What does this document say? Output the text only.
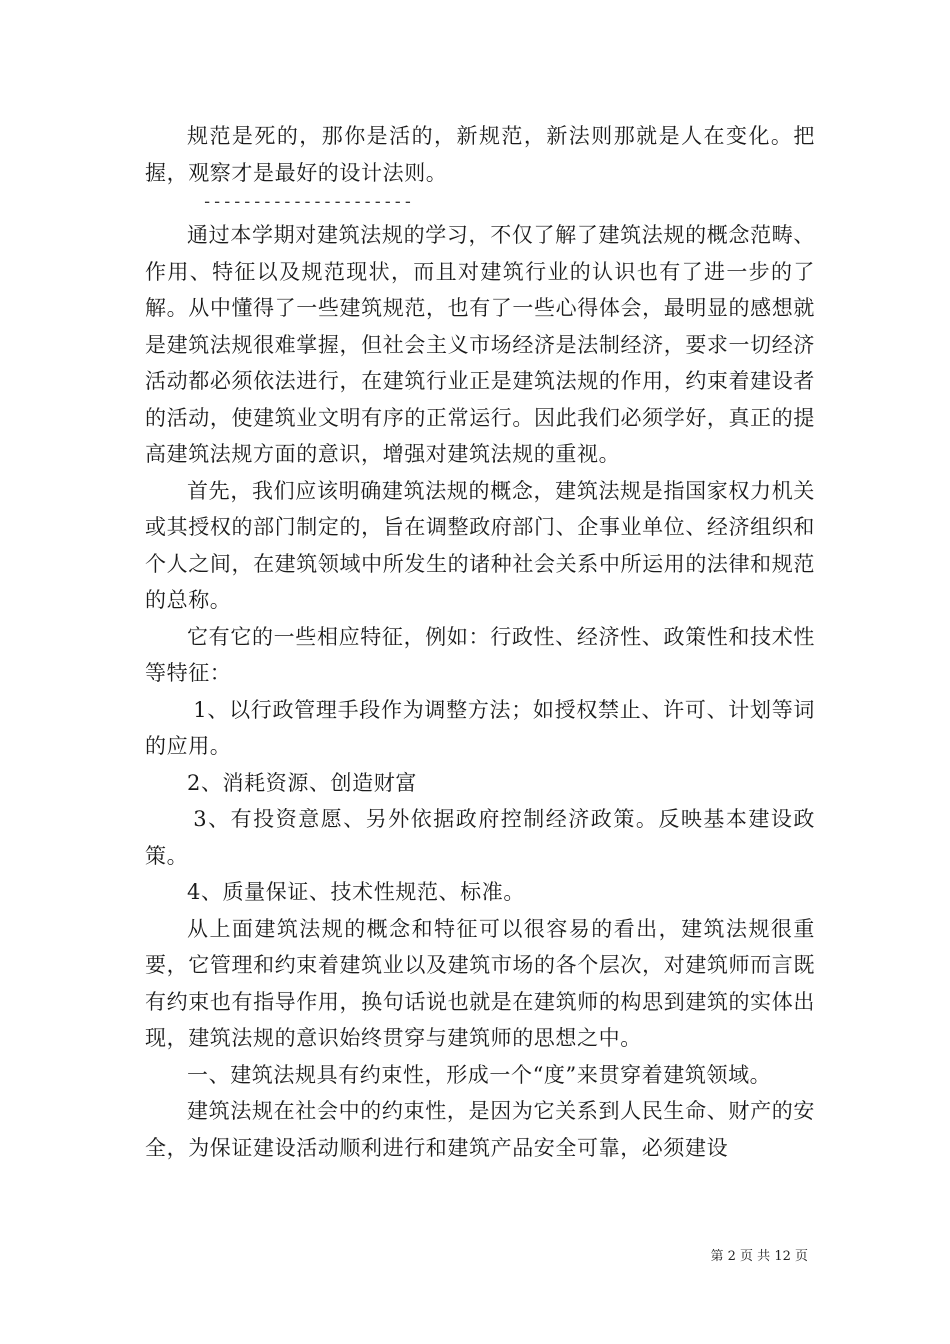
规范是死的，那你是活的，新规范，新法则那就是人在变化。把握，观察才是最好的设计法则。

---------------------

通过本学期对建筑法规的学习，不仅了解了建筑法规的概念范畴、作用、特征以及规范现状，而且对建筑行业的认识也有了进一步的了解。从中懂得了一些建筑规范，也有了一些心得体会，最明显的感想就是建筑法规很难掌握，但社会主义市场经济是法制经济，要求一切经济活动都必须依法进行，在建筑行业正是建筑法规的作用，约束着建设者的活动，使建筑业文明有序的正常运行。因此我们必须学好，真正的提高建筑法规方面的意识，增强对建筑法规的重视。

首先，我们应该明确建筑法规的概念，建筑法规是指国家权力机关或其授权的部门制定的，旨在调整政府部门、企事业单位、经济组织和个人之间，在建筑领域中所发生的诸种社会关系中所运用的法律和规范的总称。

它有它的一些相应特征，例如：行政性、经济性、政策性和技术性等特征：

1、以行政管理手段作为调整方法；如授权禁止、许可、计划等词的应用。

2、消耗资源、创造财富

3、有投资意愿、另外依据政府控制经济政策。反映基本建设政策。

4、质量保证、技术性规范、标准。

从上面建筑法规的概念和特征可以很容易的看出，建筑法规很重要，它管理和约束着建筑业以及建筑市场的各个层次，对建筑师而言既有约束也有指导作用，换句话说也就是在建筑师的构思到建筑的实体出现，建筑法规的意识始终贯穿与建筑师的思想之中。

一、建筑法规具有约束性，形成一个“度”来贯穿着建筑领域。

建筑法规在社会中的约束性，是因为它关系到人民生命、财产的安全，为保证建设活动顺利进行和建筑产品安全可靠，必须建设

第 2 页 共 12 页
